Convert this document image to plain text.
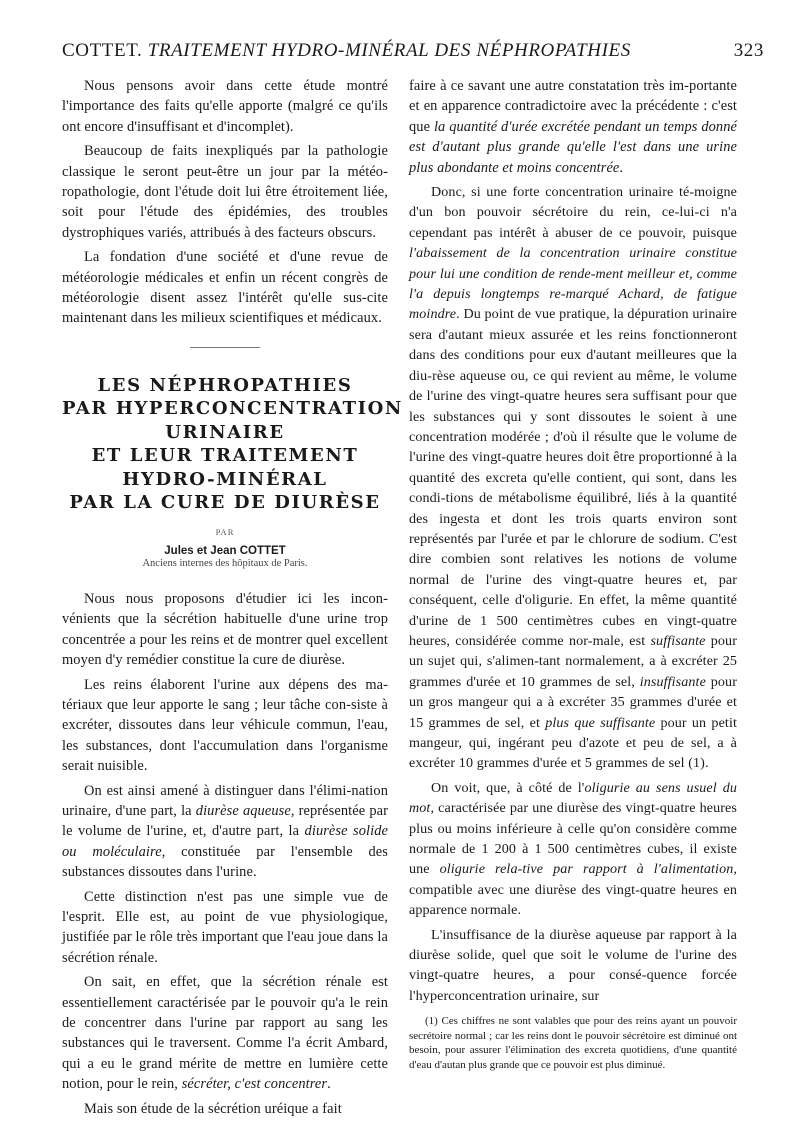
COTTET. TRAITEMENT HYDRO-MINÉRAL DES NÉPHROPATHIES	323

Nous pensons avoir dans cette étude montré l'importance des faits qu'elle apporte (malgré ce qu'ils ont encore d'insuffisant et d'incomplet).

Beaucoup de faits inexpliqués par la pathologie classique le seront peut-être un jour par la météo-ropathologie, dont l'étude doit lui être étroitement liée, soit pour l'étude des épidémies, des troubles dystrophiques variés, attribués à des facteurs obscurs.

La fondation d'une société et d'une revue de météorologie médicales et enfin un récent congrès de météorologie disent assez l'intérêt qu'elle sus-cite maintenant dans les milieux scientifiques et médicaux.

LES NÉPHROPATHIES
PAR HYPERCONCENTRATION
URINAIRE
ET LEUR TRAITEMENT
HYDRO-MINÉRAL
PAR LA CURE DE DIURÈSE
PAR
Jules et Jean COTTET
Anciens internes des hôpitaux de Paris.

Nous nous proposons d'étudier ici les incon-vénients que la sécrétion habituelle d'une urine trop concentrée a pour les reins et de montrer quel excellent moyen d'y remédier constitue la cure de diurèse.

Les reins élaborent l'urine aux dépens des ma-tériaux que leur apporte le sang ; leur tâche con-siste à excréter, dissoutes dans leur véhicule commun, l'eau, les substances, dont l'accumulation dans l'organisme serait nuisible.

On est ainsi amené à distinguer dans l'élimi-nation urinaire, d'une part, la diurèse aqueuse, représentée par le volume de l'urine, et, d'autre part, la diurèse solide ou moléculaire, constituée par l'ensemble des substances dissoutes dans l'urine.

Cette distinction n'est pas une simple vue de l'esprit. Elle est, au point de vue physiologique, justifiée par le rôle très important que l'eau joue dans la sécrétion rénale.

On sait, en effet, que la sécrétion rénale est essentiellement caractérisée par le pouvoir qu'a le rein de concentrer dans l'urine par rapport au sang les substances qui le traversent. Comme l'a écrit Ambard, qui a eu le grand mérite de mettre en lumière cette notion, pour le rein, sécréter, c'est concentrer.

Mais son étude de la sécrétion uréique a fait

faire à ce savant une autre constatation très im-portante et en apparence contradictoire avec la précédente : c'est que la quantité d'urée excrétée pendant un temps donné est d'autant plus grande qu'elle l'est dans une urine plus abondante et moins concentrée.

Donc, si une forte concentration urinaire té-moigne d'un bon pouvoir sécrétoire du rein, ce-lui-ci n'a cependant pas intérêt à abuser de ce pouvoir, puisque l'abaissement de la concentration urinaire constitue pour lui une condition de rende-ment meilleur et, comme l'a depuis longtemps re-marqué Achard, de fatigue moindre. Du point de vue pratique, la dépuration urinaire sera d'autant mieux assurée et les reins fonctionneront dans des conditions pour eux d'autant meilleures que la diu-rèse aqueuse ou, ce qui revient au même, le volume de l'urine des vingt-quatre heures sera suffisant pour que les substances qui y sont dissoutes le soient à une concentration modérée ; d'où il résulte que le volume de l'urine des vingt-quatre heures doit être proportionné à la quantité des excreta qu'elle contient, qui sont, dans les condi-tions de métabolisme équilibré, liés à la quantité des ingesta et dont les trois quarts environ sont représentés par l'urée et par le chlorure de sodium. C'est dire combien sont relatives les notions de volume normal de l'urine des vingt-quatre heures et, par conséquent, celle d'oligurie. En effet, la même quantité d'urine de 1 500 centimètres cubes en vingt-quatre heures, considérée comme nor-male, est suffisante pour un sujet qui, s'alimen-tant normalement, a à excréter 25 grammes d'urée et 10 grammes de sel, insuffisante pour un gros mangeur qui a à excréter 35 grammes d'urée et 15 grammes de sel, et plus que suffisante pour un petit mangeur, qui, ingérant peu d'azote et peu de sel, a à excréter 10 grammes d'urée et 5 grammes de sel (1).

On voit, que, à côté de l'oligurie au sens usuel du mot, caractérisée par une diurèse des vingt-quatre heures plus ou moins inférieure à celle qu'on considère comme normale de 1 200 à 1 500 centimètres cubes, il existe une oligurie rela-tive par rapport à l'alimentation, compatible avec une diurèse des vingt-quatre heures en apparence normale.

L'insuffisance de la diurèse aqueuse par rapport à la diurèse solide, quel que soit le volume de l'urine des vingt-quatre heures, a pour consé-quence forcée l'hyperconcentration urinaire, sur

(1) Ces chiffres ne sont valables que pour des reins ayant un pouvoir secrétoire normal ; car les reins dont le pouvoir sécrétoire est diminué ont besoin, pour assurer l'élimination des excreta quotidiens, d'une quantité d'eau d'autan plus grande que ce pouvoir est plus diminué.
